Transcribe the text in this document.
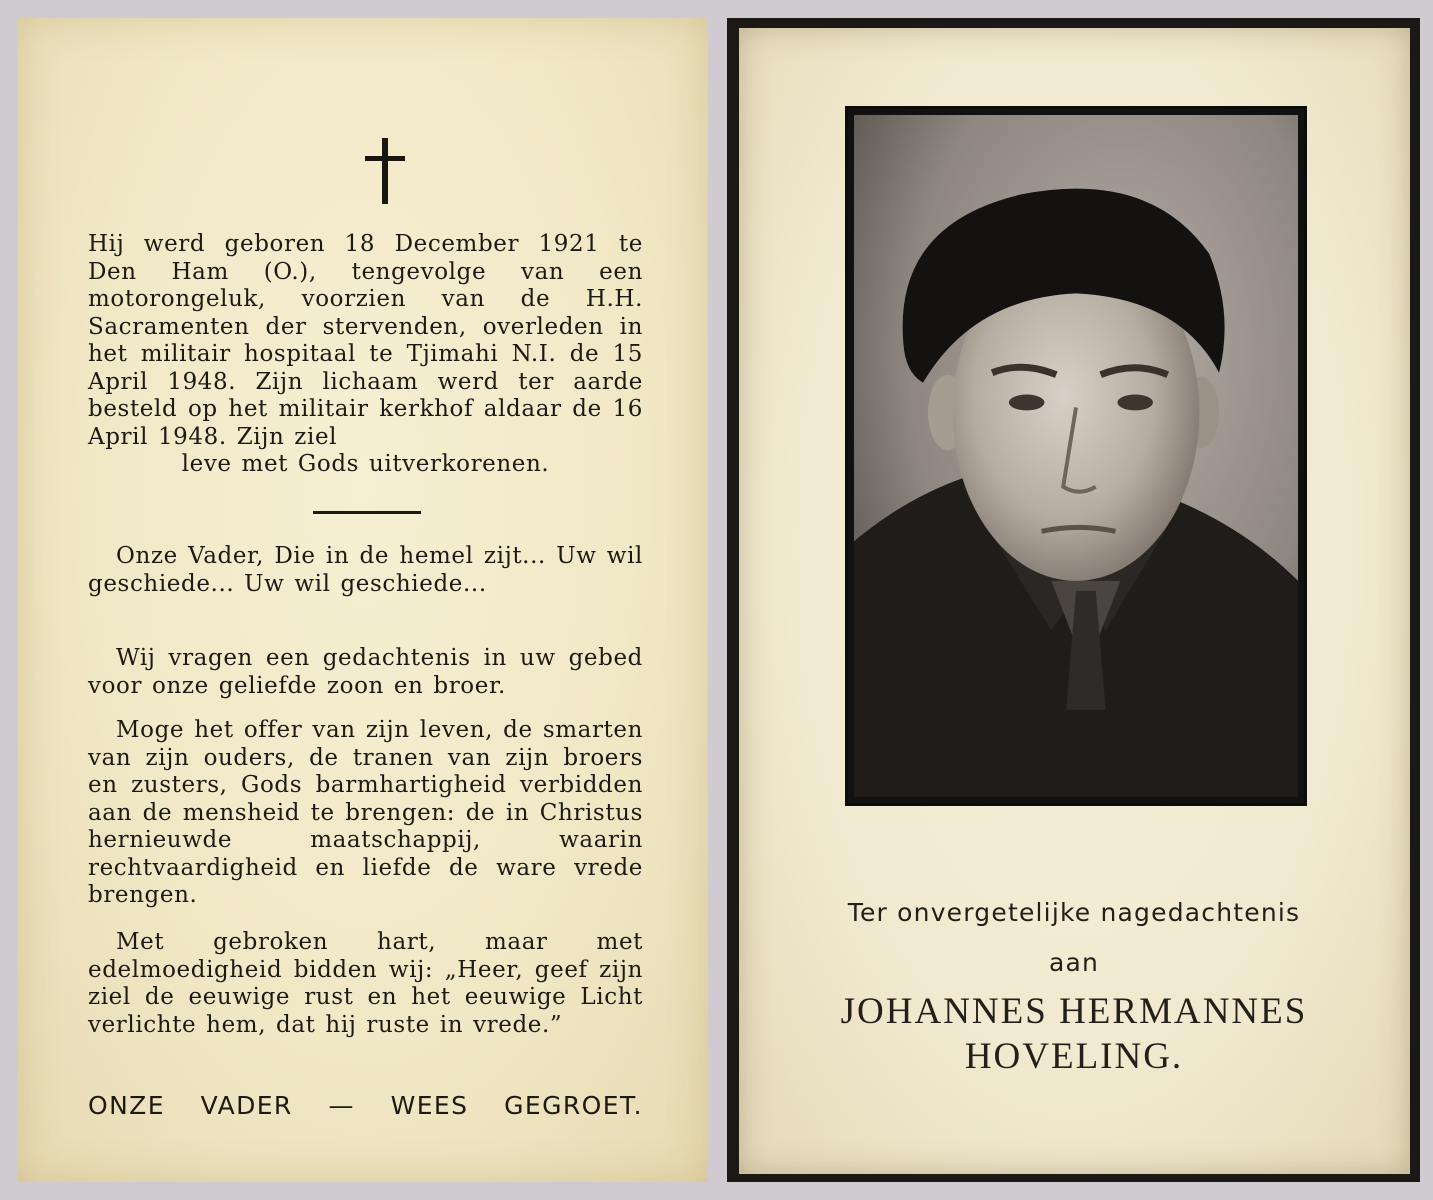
Hij werd geboren 18 December 1921 te Den Ham (O.), tengevolge van een motorongeluk, voorzien van de H.H. Sacramenten der stervenden, overleden in het militair hospitaal te Tjimahi N.I. de 15 April 1948. Zijn lichaam werd ter aarde besteld op het militair kerkhof aldaar de 16 April 1948. Zijn ziel

leve met Gods uitverkorenen.

Onze Vader, Die in de hemel zijt... Uw wil geschiede... Uw wil geschiede...

Wij vragen een gedachtenis in uw gebed voor onze geliefde zoon en broer.

Moge het offer van zijn leven, de smarten van zijn ouders, de tranen van zijn broers en zusters, Gods barmhartigheid verbidden aan de mensheid te brengen: de in Christus hernieuwde maatschappij, waarin rechtvaardigheid en liefde de ware vrede brengen.

Met gebroken hart, maar met edelmoedigheid bidden wij: „Heer, geef zijn ziel de eeuwige rust en het eeuwige Licht verlichte hem, dat hij ruste in vrede.”

ONZE VADER — WEES GEGROET.
Ter onvergetelijke nagedachtenis
aan
JOHANNES HERMANNES
HOVELING.
